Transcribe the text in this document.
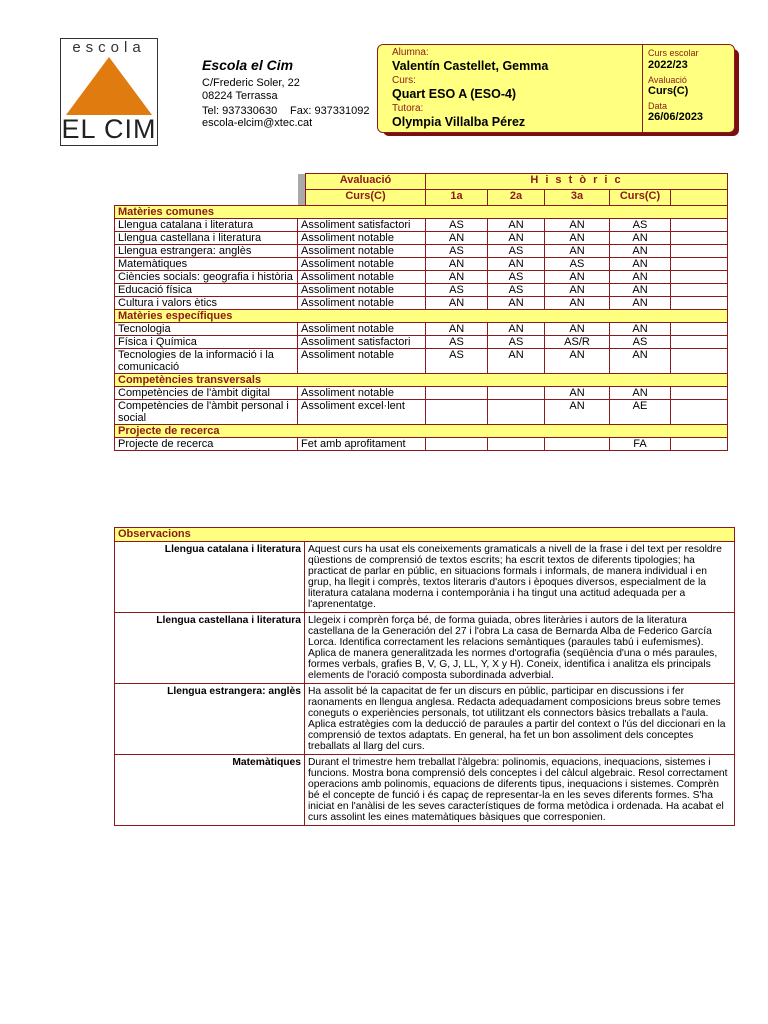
escola
EL CIM
Escola el Cim
C/Frederic Soler, 22
08224 Terrassa
Tel: 937330630 Fax: 937331092
escola-elcim@xtec.cat
Alumna:
Valentín Castellet, Gemma
Curs:
Quart ESO A (ESO-4)
Tutora:
Olympia Villalba Pérez
Curs escolar
2022/23
Avaluació
Curs(C)
Data
26/06/2023
		Avaluació	H i s t ò r i c				
		Curs(C)	1a	2a	3a	Curs(C)	
Matèries comunes							
Llengua catalana i literatura	Assoliment satisfactori		AS	AN	AN	AS	
Llengua castellana i literatura	Assoliment notable		AN	AN	AN	AN	
Llengua estrangera: anglès	Assoliment notable		AS	AS	AN	AN	
Matemàtiques	Assoliment notable		AN	AN	AS	AN	
Ciències socials: geografia i història	Assoliment notable		AN	AS	AN	AN	
Educació física	Assoliment notable		AS	AS	AN	AN	
Cultura i valors ètics	Assoliment notable		AN	AN	AN	AN	
Matèries específiques							
Tecnologia	Assoliment notable		AN	AN	AN	AN	
Física i Química	Assoliment satisfactori		AS	AS	AS/R	AS	
Tecnologies de la informació i la comunicació	Assoliment notable		AS	AN	AN	AN	
Competències transversals							
Competències de l'àmbit digital	Assoliment notable				AN	AN	
Competències de l'àmbit personal i social	Assoliment excel·lent				AN	AE	
Projecte de recerca							
Projecte de recerca	Fet amb aprofitament					FA	
Observacions	
Llengua catalana i literatura	Aquest curs ha usat els coneixements gramaticals a nivell de la frase i del text per resoldre qüestions de comprensió de textos escrits; ha escrit textos de diferents tipologies; ha practicat de parlar en públic, en situacions formals i informals, de manera individual i en grup, ha llegit i comprès, textos literaris d'autors i èpoques diversos, especialment de la literatura catalana moderna i contemporània i ha tingut una actitud adequada per a l'aprenentatge.
Llengua castellana i literatura	Llegeix i comprèn força bé, de forma guiada, obres literàries i autors de la literatura castellana de la Generación del 27 i l'obra La casa de Bernarda Alba de Federico García Lorca. Identifica correctament les relacions semàntiques (paraules tabú i eufemismes). Aplica de manera generalitzada les normes d'ortografia (seqüència d'una o més paraules, formes verbals, grafies B, V, G, J, LL, Y, X y H). Coneix, identifica i analitza els principals elements de l'oració composta subordinada adverbial.
Llengua estrangera: anglès	Ha assolit bé la capacitat de fer un discurs en públic, participar en discussions i fer raonaments en llengua anglesa. Redacta adequadament composicions breus sobre temes coneguts o experiències personals, tot utilitzant els connectors bàsics treballats a l'aula. Aplica estratègies com la deducció de paraules a partir del context o l'ús del diccionari en la comprensió de textos adaptats. En general, ha fet un bon assoliment dels conceptes treballats al llarg del curs.
Matemàtiques	Durant el trimestre hem treballat l'àlgebra: polinomis, equacions, inequacions, sistemes i funcions. Mostra bona comprensió dels conceptes i del càlcul algebraic. Resol correctament operacions amb polinomis, equacions de diferents tipus, inequacions i sistemes. Comprèn bé el concepte de funció i és capaç de representar-la en les seves diferents formes. S'ha iniciat en l'anàlisi de les seves característiques de forma metòdica i ordenada. Ha acabat el curs assolint les eines matemàtiques bàsiques que corresponien.
